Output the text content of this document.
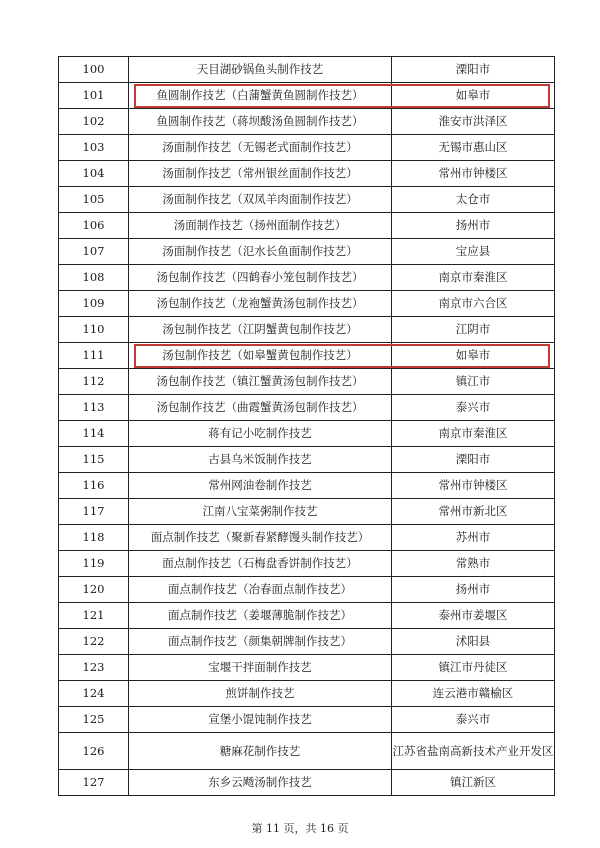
100	天目湖砂锅鱼头制作技艺	溧阳市
101	鱼圆制作技艺（白蒲蟹黄鱼圆制作技艺）	如皋市
102	鱼圆制作技艺（蒋坝酸汤鱼圆制作技艺）	淮安市洪泽区
103	汤面制作技艺（无锡老式面制作技艺）	无锡市惠山区
104	汤面制作技艺（常州银丝面制作技艺）	常州市钟楼区
105	汤面制作技艺（双凤羊肉面制作技艺）	太仓市
106	汤面制作技艺（扬州面制作技艺）	扬州市
107	汤面制作技艺（氾水长鱼面制作技艺）	宝应县
108	汤包制作技艺（四鹤春小笼包制作技艺）	南京市秦淮区
109	汤包制作技艺（龙袍蟹黄汤包制作技艺）	南京市六合区
110	汤包制作技艺（江阴蟹黄包制作技艺）	江阴市
111	汤包制作技艺（如皋蟹黄包制作技艺）	如皋市
112	汤包制作技艺（镇江蟹黄汤包制作技艺）	镇江市
113	汤包制作技艺（曲霞蟹黄汤包制作技艺）	泰兴市
114	蒋有记小吃制作技艺	南京市秦淮区
115	古县乌米饭制作技艺	溧阳市
116	常州网油卷制作技艺	常州市钟楼区
117	江南八宝菜粥制作技艺	常州市新北区
118	面点制作技艺（聚新春紧酵馒头制作技艺）	苏州市
119	面点制作技艺（石梅盘香饼制作技艺）	常熟市
120	面点制作技艺（冶春面点制作技艺）	扬州市
121	面点制作技艺（姜堰薄脆制作技艺）	泰州市姜堰区
122	面点制作技艺（颜集朝牌制作技艺）	沭阳县
123	宝堰干拌面制作技艺	镇江市丹徒区
124	煎饼制作技艺	连云港市赣榆区
125	宣堡小馄饨制作技艺	泰兴市
126	糖麻花制作技艺	江苏省盐南高新技术产业开发区
127	东乡云飏汤制作技艺	镇江新区
第 11 页，共 16 页
